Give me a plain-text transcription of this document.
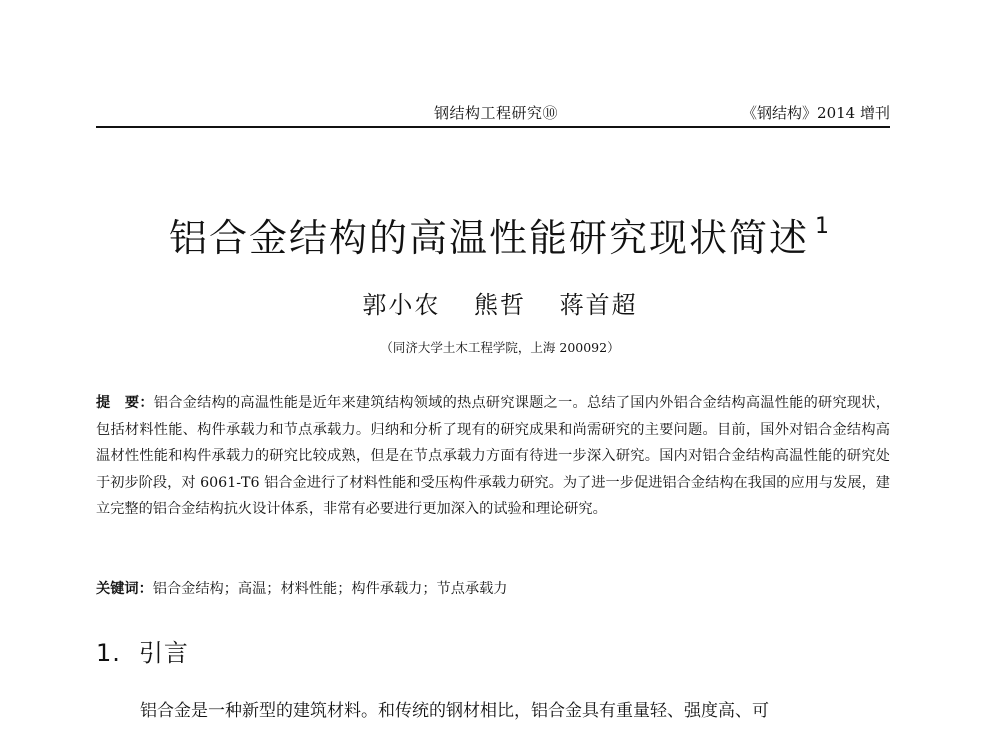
钢结构工程研究⑩	《钢结构》2014 增刊
铝合金结构的高温性能研究现状简述 $^1$
郭小农 熊哲 蒋首超
（同济大学土木工程学院，上海 200092）
提　要：铝合金结构的高温性能是近年来建筑结构领域的热点研究课题之一。总结了国内外铝合金结构高温性能的研究现状，包括材料性能、构件承载力和节点承载力。归纳和分析了现有的研究成果和尚需研究的主要问题。目前，国外对铝合金结构高温材性性能和构件承载力的研究比较成熟，但是在节点承载力方面有待进一步深入研究。国内对铝合金结构高温性能的研究处于初步阶段，对 6061-T6 铝合金进行了材料性能和受压构件承载力研究。为了进一步促进铝合金结构在我国的应用与发展，建立完整的铝合金结构抗火设计体系，非常有必要进行更加深入的试验和理论研究。
关键词：铝合金结构；高温；材料性能；构件承载力；节点承载力
1. 引言

铝合金是一种新型的建筑材料。和传统的钢材相比，铝合金具有重量轻、强度高、可
